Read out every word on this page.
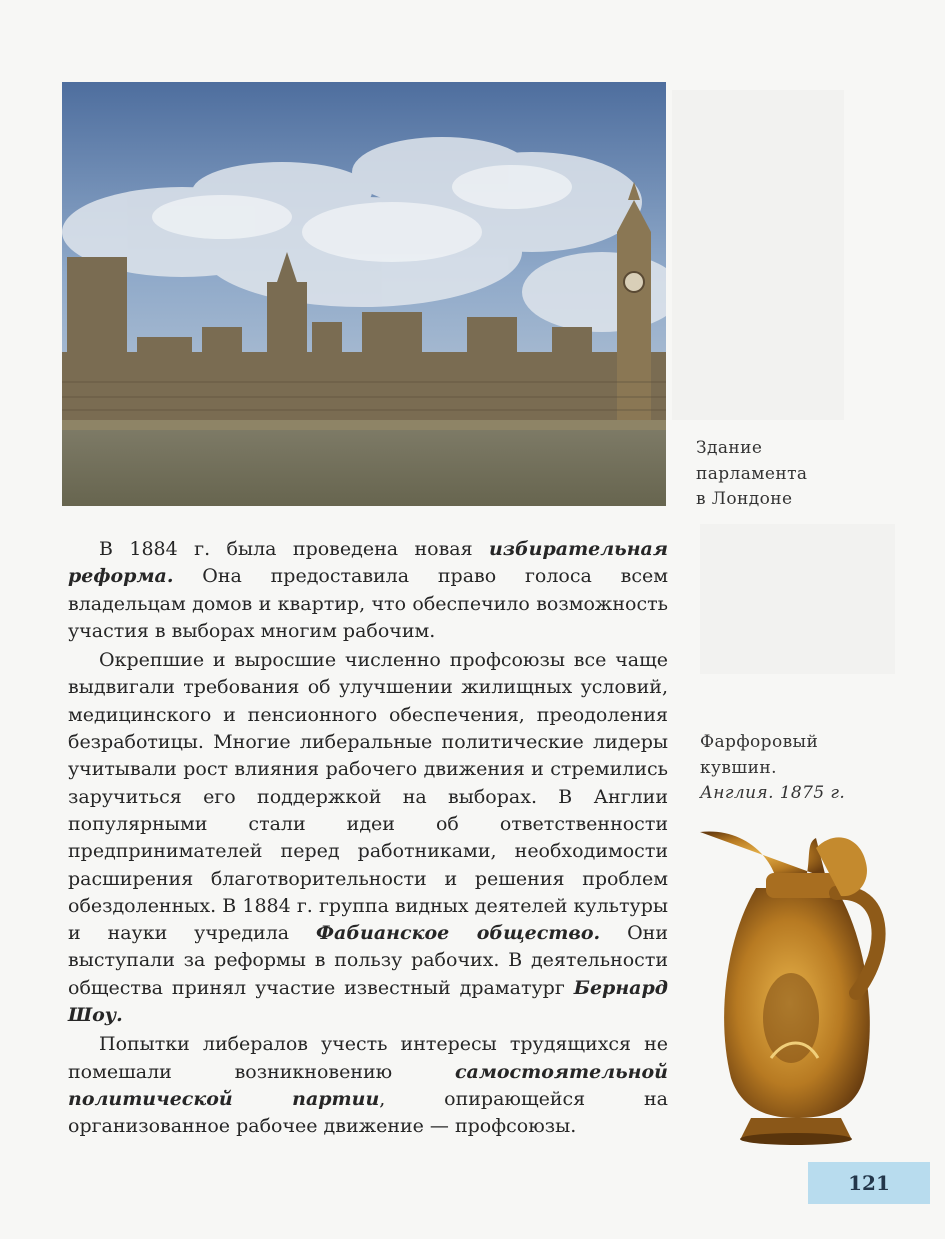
Здание
парламента
в Лондоне

В 1884 г. была проведена новая избирательная реформа. Она предоставила право голоса всем владельцам домов и квартир, что обеспечило возможность участия в выборах многим рабочим.

Окрепшие и выросшие численно профсоюзы все чаще выдвигали требования об улучшении жилищных условий, медицинского и пенсионного обеспечения, преодоления безработицы. Многие либеральные политические лидеры учитывали рост влияния рабочего движения и стремились заручиться его поддержкой на выборах. В Англии популярными стали идеи об ответственности предпринимателей перед работниками, необходимости расширения благотворительности и решения проблем обездоленных. В 1884 г. группа видных деятелей культуры и науки учредила Фабианское общество. Они выступали за реформы в пользу рабочих. В деятельности общества принял участие известный драматург Бернард Шоу.

Попытки либералов учесть интересы трудящихся не помешали возникновению самостоятельной политической партии, опирающейся на организованное рабочее движение — профсоюзы.

Фарфоровый
кувшин.
Англия. 1875 г.
121
